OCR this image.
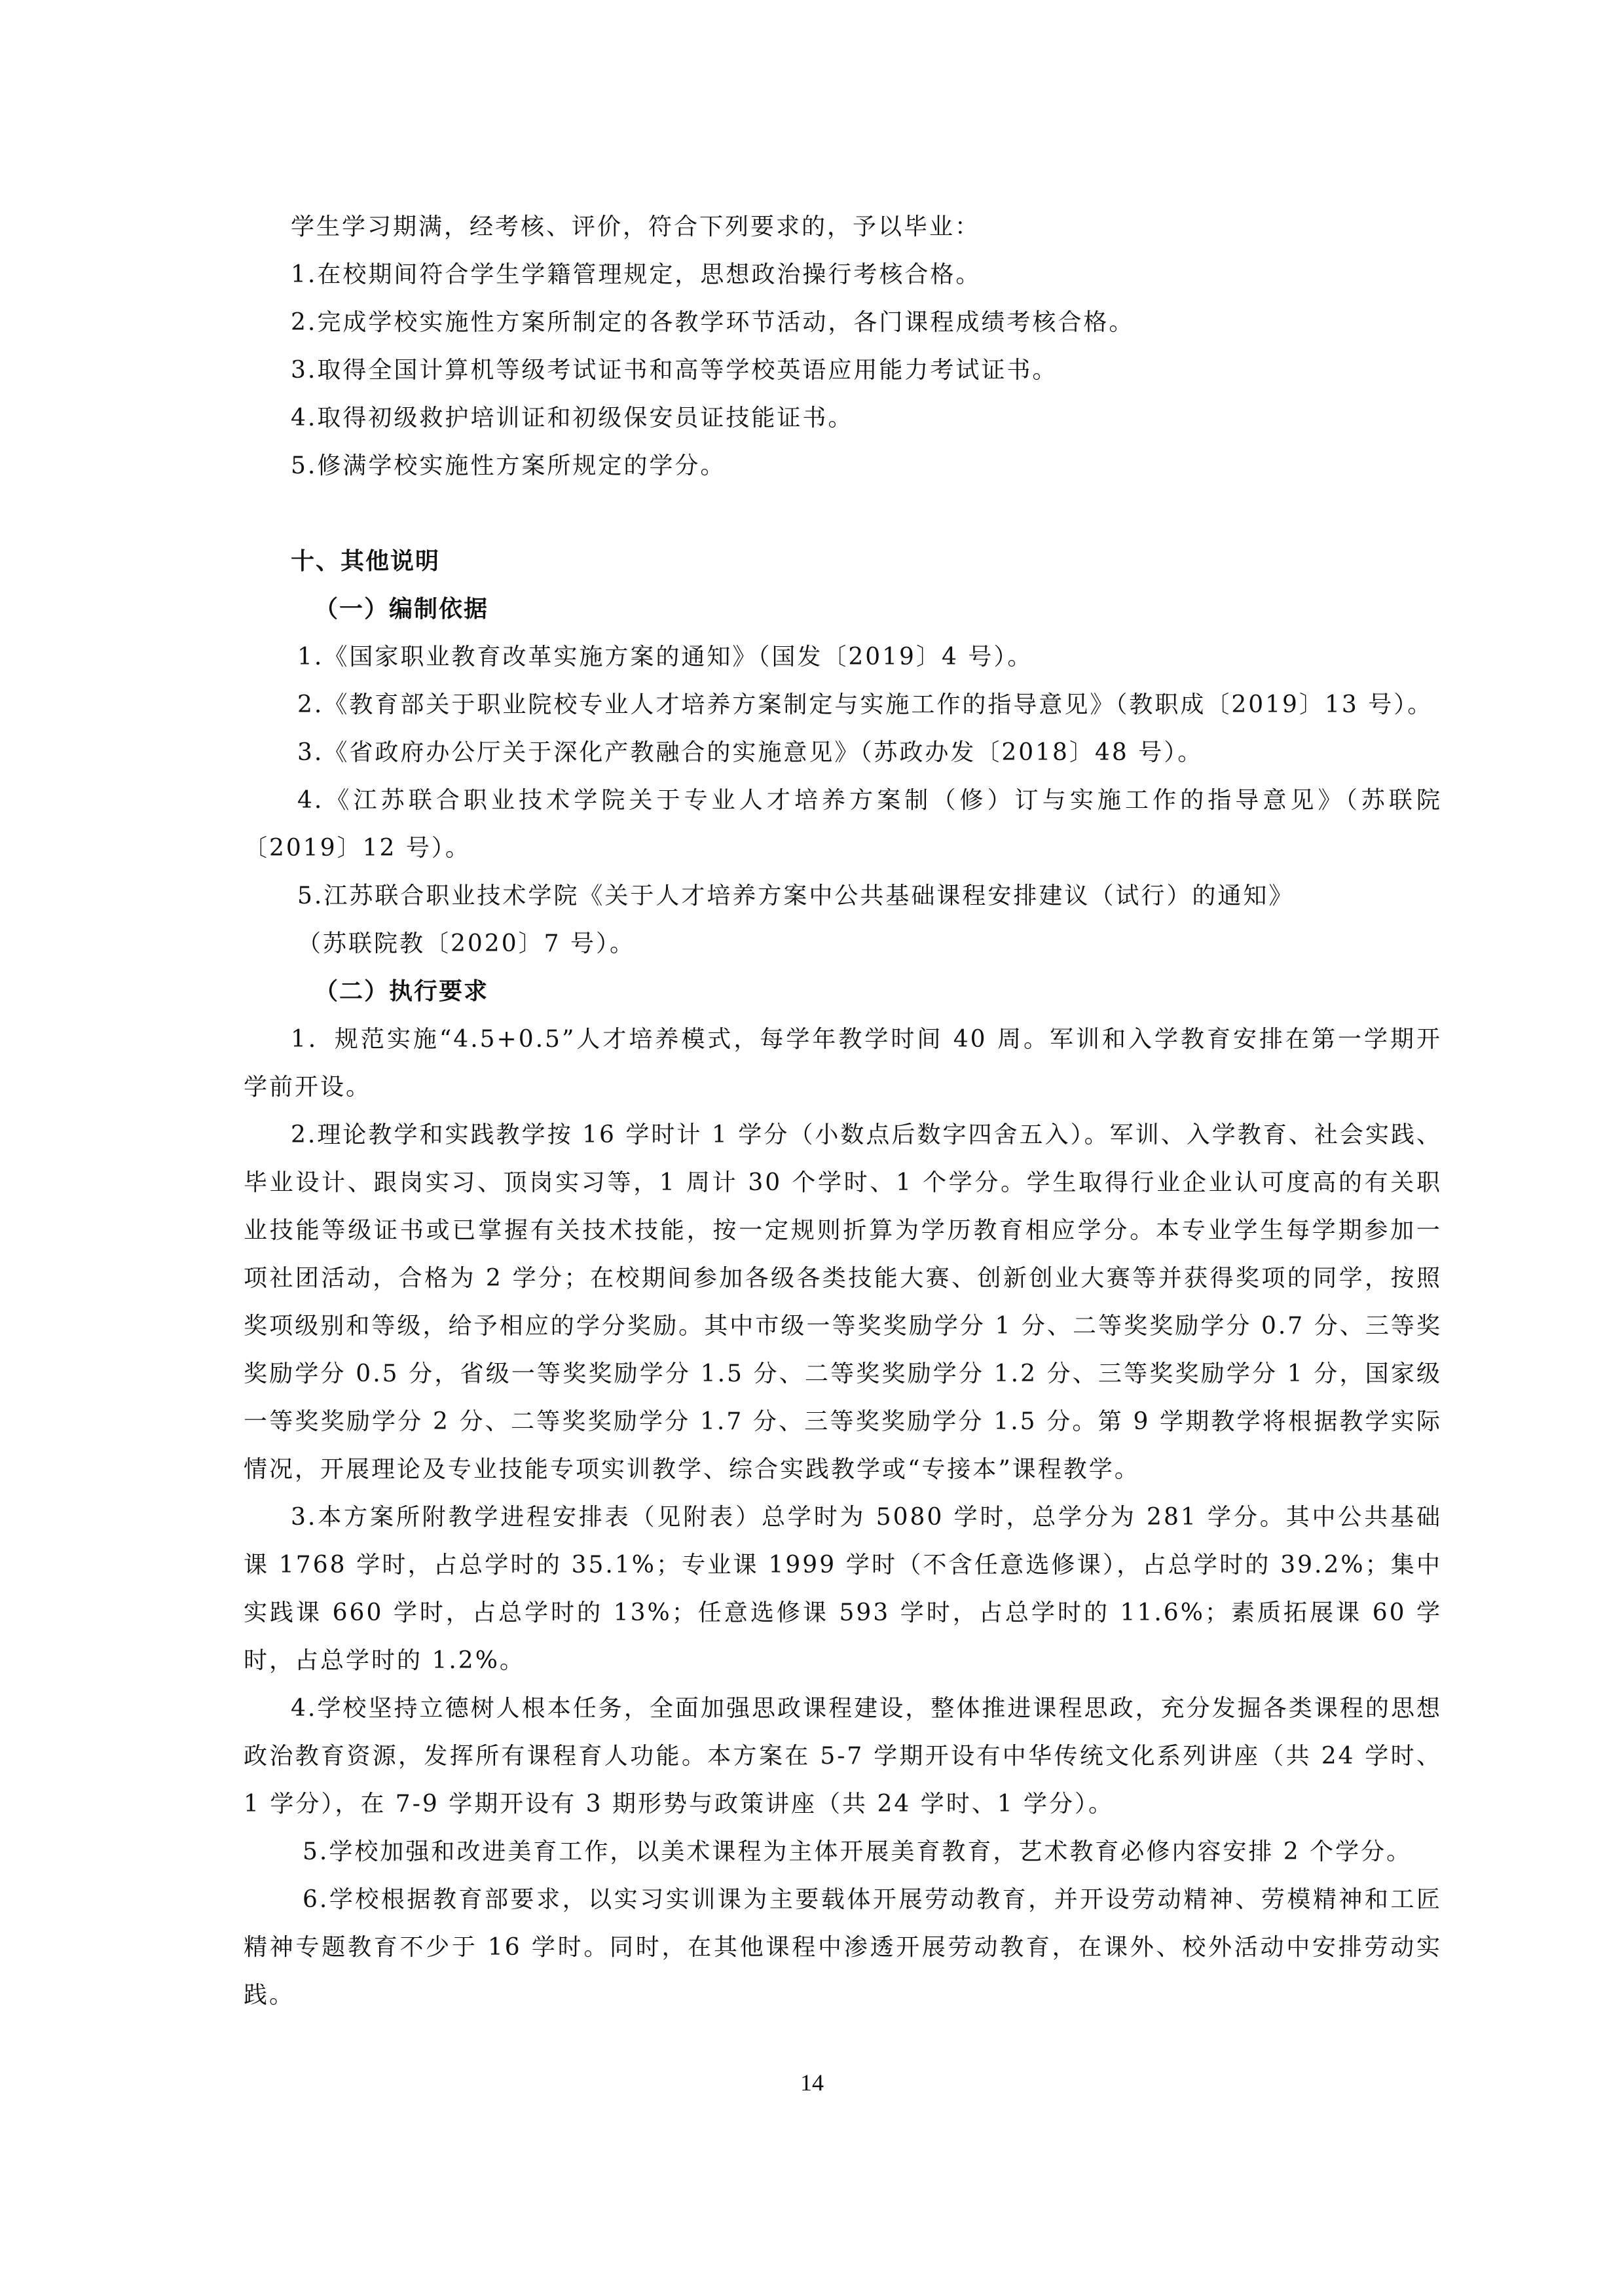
学生学习期满，经考核、评价，符合下列要求的，予以毕业：

1.在校期间符合学生学籍管理规定，思想政治操行考核合格。

2.完成学校实施性方案所制定的各教学环节活动，各门课程成绩考核合格。

3.取得全国计算机等级考试证书和高等学校英语应用能力考试证书。

4.取得初级救护培训证和初级保安员证技能证书。

5.修满学校实施性方案所规定的学分。

十、其他说明

（一）编制依据

1.《国家职业教育改革实施方案的通知》（国发〔2019〕4 号）。

2.《教育部关于职业院校专业人才培养方案制定与实施工作的指导意见》（教职成〔2019〕13 号）。

3.《省政府办公厅关于深化产教融合的实施意见》（苏政办发〔2018〕48 号）。

4.《江苏联合职业技术学院关于专业人才培养方案制（修）订与实施工作的指导意见》（苏联院〔2019〕12 号）。

5.江苏联合职业技术学院《关于人才培养方案中公共基础课程安排建议（试行）的通知》

（苏联院教〔2020〕7 号）。

（二）执行要求

1．规范实施“4.5+0.5”人才培养模式，每学年教学时间 40 周。军训和入学教育安排在第一学期开学前开设。

2.理论教学和实践教学按 16 学时计 1 学分（小数点后数字四舍五入）。军训、入学教育、社会实践、毕业设计、跟岗实习、顶岗实习等，1 周计 30 个学时、1 个学分。学生取得行业企业认可度高的有关职业技能等级证书或已掌握有关技术技能，按一定规则折算为学历教育相应学分。本专业学生每学期参加一项社团活动，合格为 2 学分；在校期间参加各级各类技能大赛、创新创业大赛等并获得奖项的同学，按照奖项级别和等级，给予相应的学分奖励。其中市级一等奖奖励学分 1 分、二等奖奖励学分 0.7 分、三等奖奖励学分 0.5 分，省级一等奖奖励学分 1.5 分、二等奖奖励学分 1.2 分、三等奖奖励学分 1 分，国家级一等奖奖励学分 2 分、二等奖奖励学分 1.7 分、三等奖奖励学分 1.5 分。第 9 学期教学将根据教学实际情况，开展理论及专业技能专项实训教学、综合实践教学或“专接本”课程教学。

3.本方案所附教学进程安排表（见附表）总学时为 5080 学时，总学分为 281 学分。其中公共基础课 1768 学时，占总学时的 35.1%；专业课 1999 学时（不含任意选修课），占总学时的 39.2%；集中实践课 660 学时，占总学时的 13%；任意选修课 593 学时，占总学时的 11.6%；素质拓展课 60 学时，占总学时的 1.2%。

4.学校坚持立德树人根本任务，全面加强思政课程建设，整体推进课程思政，充分发掘各类课程的思想政治教育资源，发挥所有课程育人功能。本方案在 5-7 学期开设有中华传统文化系列讲座（共 24 学时、1 学分），在 7-9 学期开设有 3 期形势与政策讲座（共 24 学时、1 学分）。

5.学校加强和改进美育工作，以美术课程为主体开展美育教育，艺术教育必修内容安排 2 个学分。

6.学校根据教育部要求，以实习实训课为主要载体开展劳动教育，并开设劳动精神、劳模精神和工匠精神专题教育不少于 16 学时。同时，在其他课程中渗透开展劳动教育，在课外、校外活动中安排劳动实践。

14
